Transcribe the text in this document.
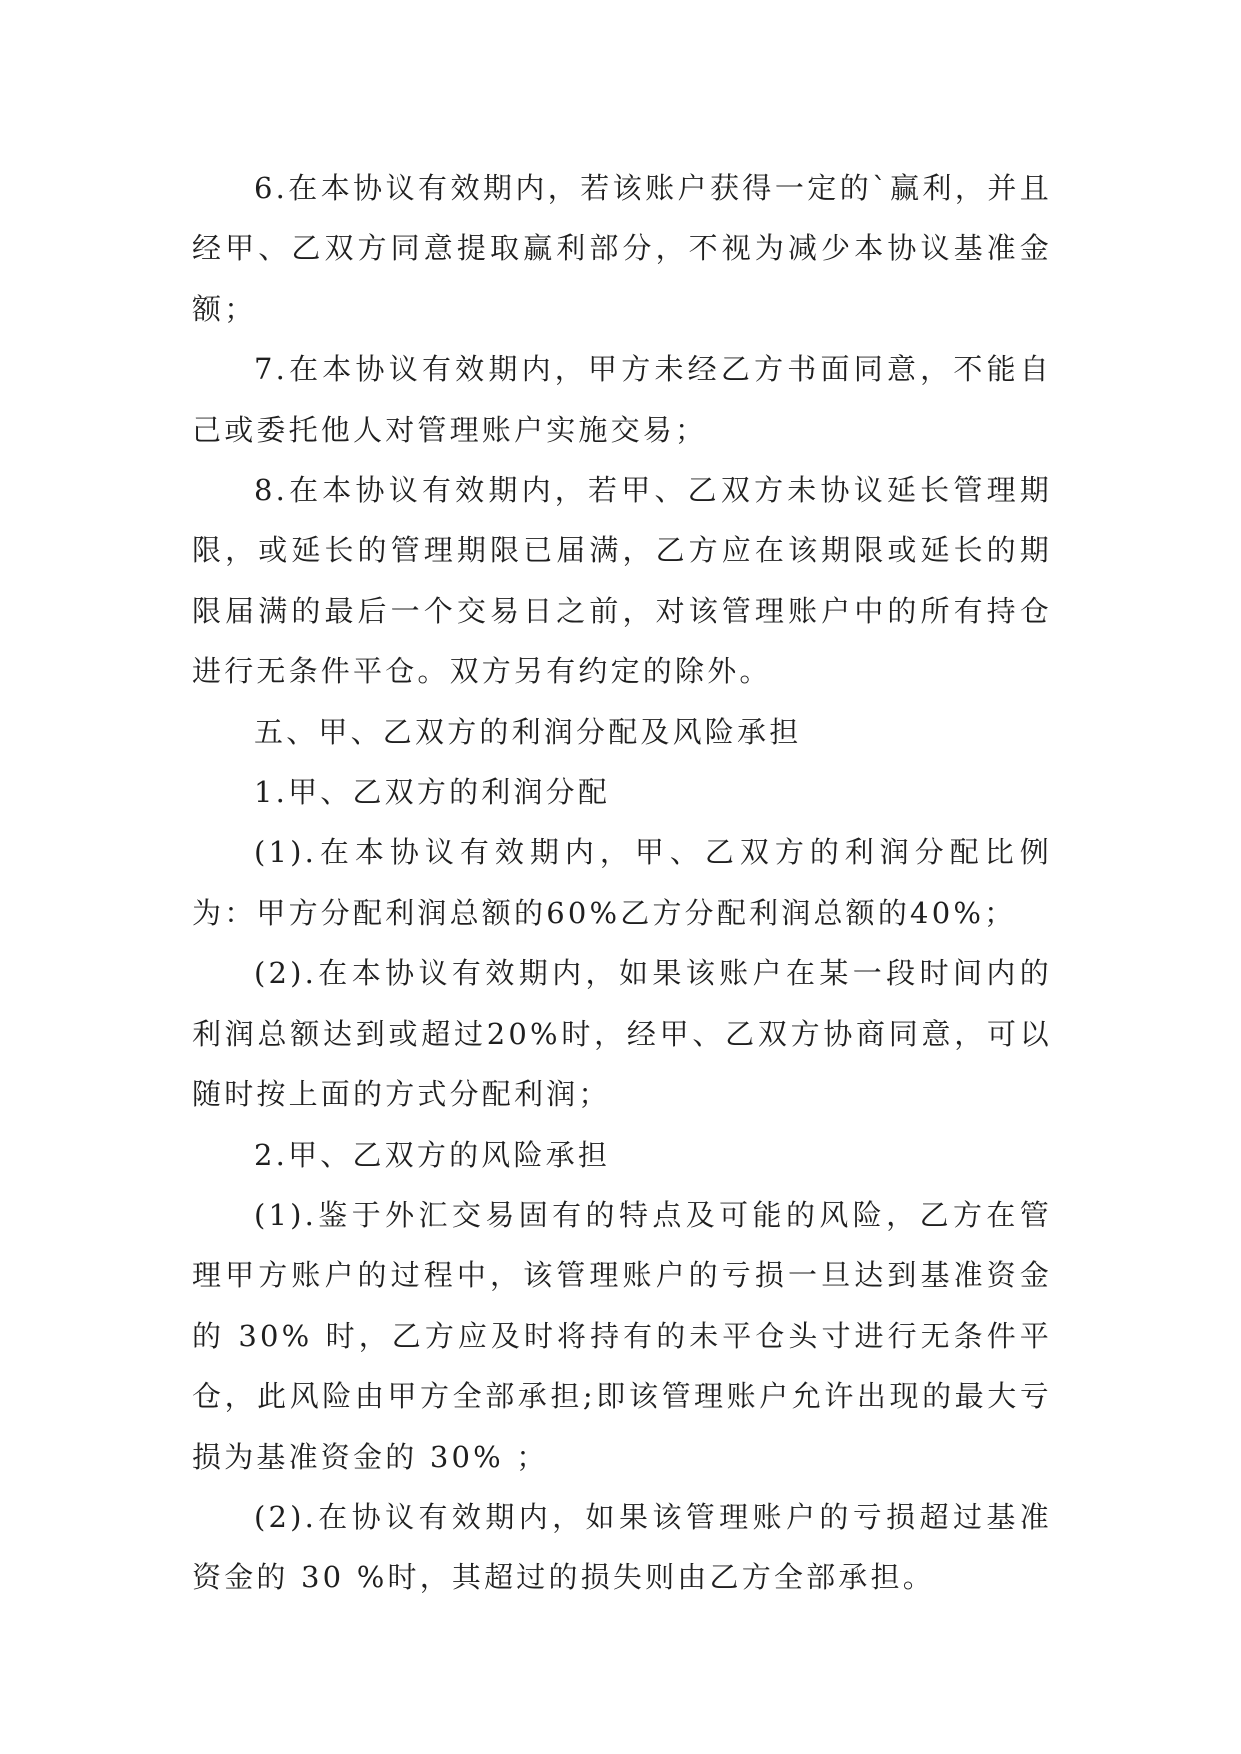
6.在本协议有效期内，若该账户获得一定的`赢利，并且经甲、乙双方同意提取赢利部分，不视为减少本协议基准金额；

7.在本协议有效期内，甲方未经乙方书面同意，不能自己或委托他人对管理账户实施交易；

8.在本协议有效期内，若甲、乙双方未协议延长管理期限，或延长的管理期限已届满，乙方应在该期限或延长的期限届满的最后一个交易日之前，对该管理账户中的所有持仓进行无条件平仓。双方另有约定的除外。

五、甲、乙双方的利润分配及风险承担

1.甲、乙双方的利润分配

(1).在本协议有效期内，甲、乙双方的利润分配比例为：甲方分配利润总额的60%乙方分配利润总额的40%；

(2).在本协议有效期内，如果该账户在某一段时间内的利润总额达到或超过20%时，经甲、乙双方协商同意，可以随时按上面的方式分配利润；

2.甲、乙双方的风险承担

(1).鉴于外汇交易固有的特点及可能的风险，乙方在管理甲方账户的过程中，该管理账户的亏损一旦达到基准资金的 30% 时，乙方应及时将持有的未平仓头寸进行无条件平仓，此风险由甲方全部承担;即该管理账户允许出现的最大亏损为基准资金的 30% ；

(2).在协议有效期内，如果该管理账户的亏损超过基准资金的 30 %时，其超过的损失则由乙方全部承担。
